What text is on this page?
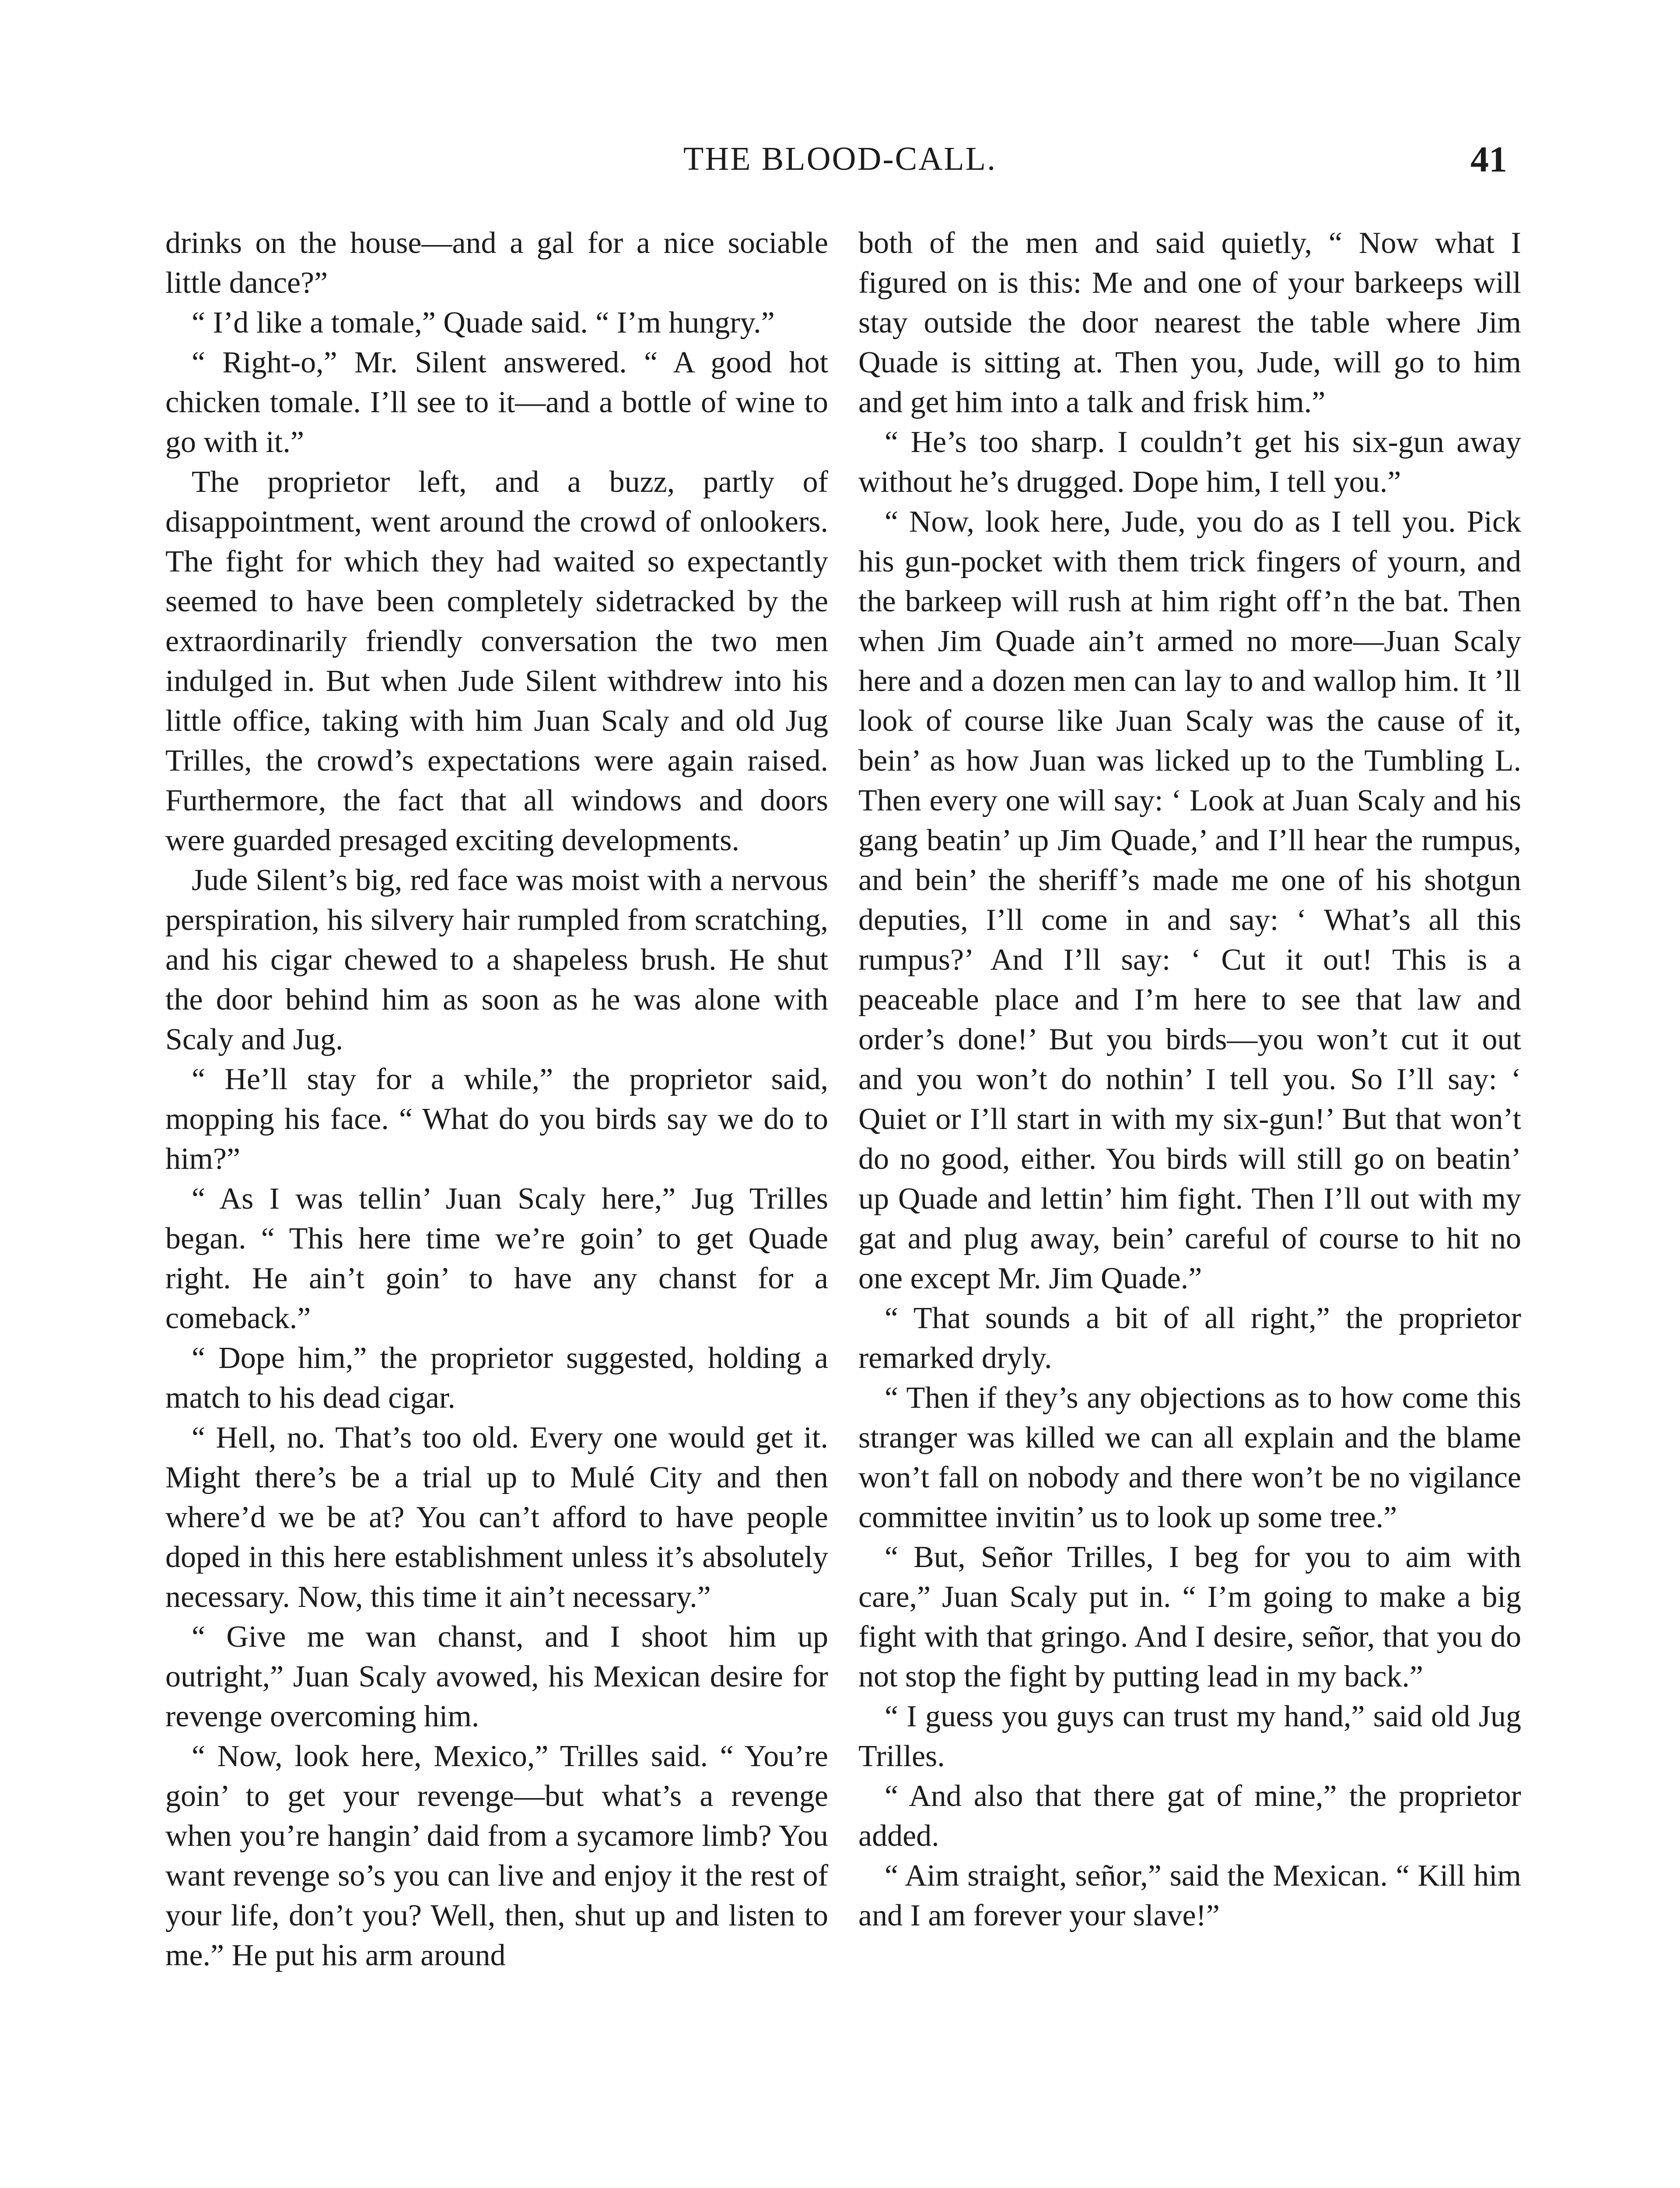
THE BLOOD-CALL.	41

drinks on the house—and a gal for a nice sociable little dance?”

“ I’d like a tomale,” Quade said. “ I’m hungry.”

“ Right-o,” Mr. Silent answered. “ A good hot chicken tomale. I’ll see to it—and a bottle of wine to go with it.”

The proprietor left, and a buzz, partly of disappointment, went around the crowd of onlookers. The fight for which they had waited so expectantly seemed to have been completely sidetracked by the extraordinarily friendly conversation the two men indulged in. But when Jude Silent withdrew into his little office, taking with him Juan Scaly and old Jug Trilles, the crowd’s expectations were again raised. Furthermore, the fact that all windows and doors were guarded presaged exciting developments.

Jude Silent’s big, red face was moist with a nervous perspiration, his silvery hair rumpled from scratching, and his cigar chewed to a shapeless brush. He shut the door behind him as soon as he was alone with Scaly and Jug.

“ He’ll stay for a while,” the proprietor said, mopping his face. “ What do you birds say we do to him?”

“ As I was tellin’ Juan Scaly here,” Jug Trilles began. “ This here time we’re goin’ to get Quade right. He ain’t goin’ to have any chanst for a comeback.”

“ Dope him,” the proprietor suggested, holding a match to his dead cigar.

“ Hell, no. That’s too old. Every one would get it. Might there’s be a trial up to Mulé City and then where’d we be at? You can’t afford to have people doped in this here establishment unless it’s absolutely necessary. Now, this time it ain’t necessary.”

“ Give me wan chanst, and I shoot him up outright,” Juan Scaly avowed, his Mexican desire for revenge overcoming him.

“ Now, look here, Mexico,” Trilles said. “ You’re goin’ to get your revenge—but what’s a revenge when you’re hangin’ daid from a sycamore limb? You want revenge so’s you can live and enjoy it the rest of your life, don’t you? Well, then, shut up and listen to me.” He put his arm around

both of the men and said quietly, “ Now what I figured on is this: Me and one of your barkeeps will stay outside the door nearest the table where Jim Quade is sitting at. Then you, Jude, will go to him and get him into a talk and frisk him.”

“ He’s too sharp. I couldn’t get his six-gun away without he’s drugged. Dope him, I tell you.”

“ Now, look here, Jude, you do as I tell you. Pick his gun-pocket with them trick fingers of yourn, and the barkeep will rush at him right off’n the bat. Then when Jim Quade ain’t armed no more—Juan Scaly here and a dozen men can lay to and wallop him. It ’ll look of course like Juan Scaly was the cause of it, bein’ as how Juan was licked up to the Tumbling L. Then every one will say: ‘ Look at Juan Scaly and his gang beatin’ up Jim Quade,’ and I’ll hear the rumpus, and bein’ the sheriff’s made me one of his shotgun deputies, I’ll come in and say: ‘ What’s all this rumpus?’ And I’ll say: ‘ Cut it out! This is a peaceable place and I’m here to see that law and order’s done!’ But you birds—you won’t cut it out and you won’t do nothin’ I tell you. So I’ll say: ‘ Quiet or I’ll start in with my six-gun!’ But that won’t do no good, either. You birds will still go on beatin’ up Quade and lettin’ him fight. Then I’ll out with my gat and plug away, bein’ careful of course to hit no one except Mr. Jim Quade.”

“ That sounds a bit of all right,” the proprietor remarked dryly.

“ Then if they’s any objections as to how come this stranger was killed we can all explain and the blame won’t fall on nobody and there won’t be no vigilance committee invitin’ us to look up some tree.”

“ But, Señor Trilles, I beg for you to aim with care,” Juan Scaly put in. “ I’m going to make a big fight with that gringo. And I desire, señor, that you do not stop the fight by putting lead in my back.”

“ I guess you guys can trust my hand,” said old Jug Trilles.

“ And also that there gat of mine,” the proprietor added.

“ Aim straight, señor,” said the Mexican. “ Kill him and I am forever your slave!”
